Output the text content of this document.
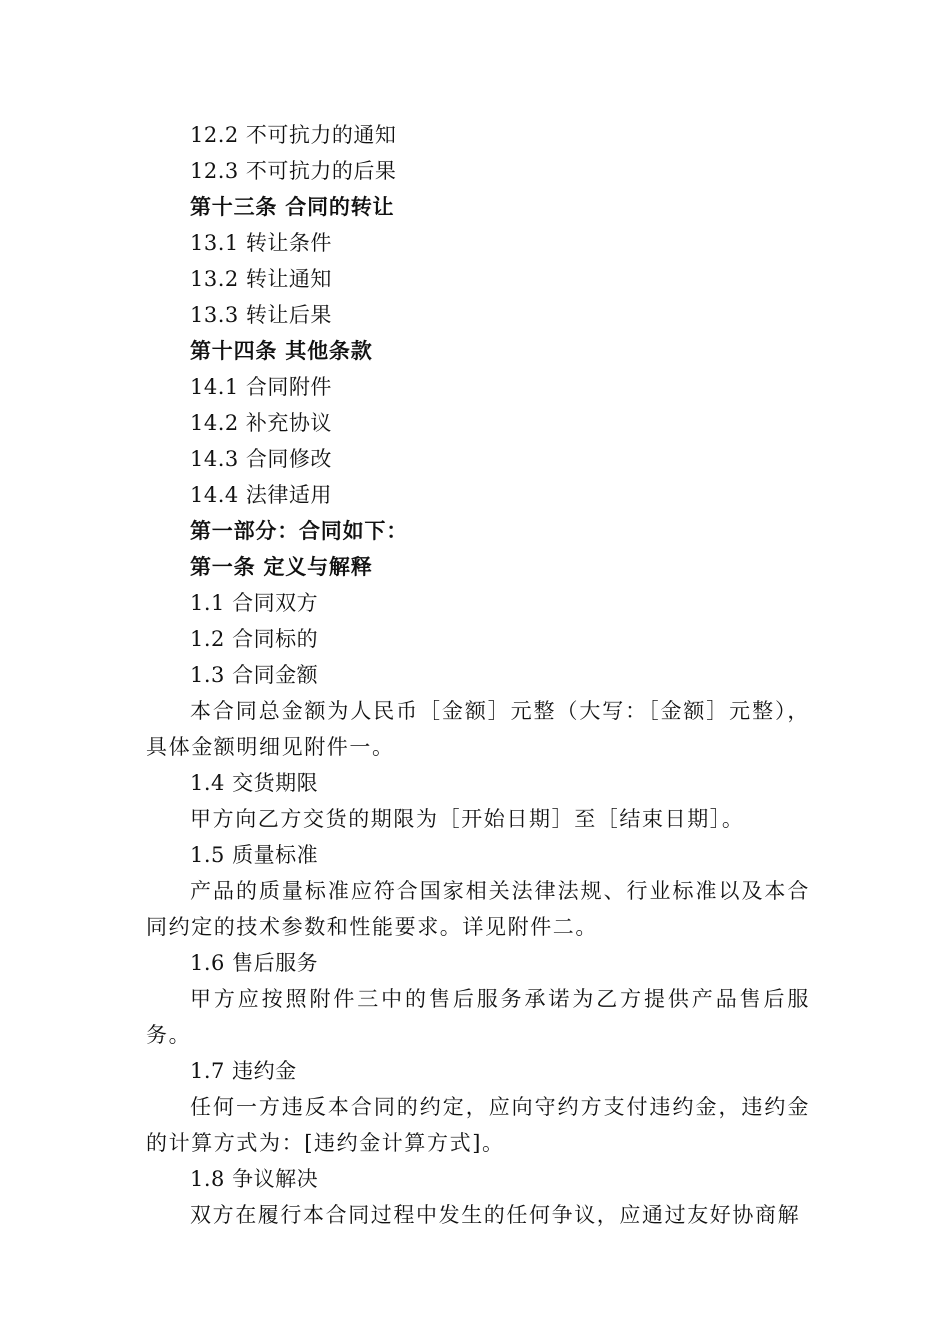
12.2 不可抗力的通知
12.3 不可抗力的后果
第十三条 合同的转让
13.1 转让条件
13.2 转让通知
13.3 转让后果
第十四条 其他条款
14.1 合同附件
14.2 补充协议
14.3 合同修改
14.4 法律适用
第一部分：合同如下：
第一条 定义与解释
1.1 合同双方
1.2 合同标的
1.3 合同金额
本合同总金额为人民币［金额］元整（大写：［金额］元整），具体金额明细见附件一。
1.4 交货期限
甲方向乙方交货的期限为［开始日期］至［结束日期］。
1.5 质量标准
产品的质量标准应符合国家相关法律法规、行业标准以及本合同约定的技术参数和性能要求。详见附件二。
1.6 售后服务
甲方应按照附件三中的售后服务承诺为乙方提供产品售后服务。
1.7 违约金
任何一方违反本合同的约定，应向守约方支付违约金，违约金的计算方式为：[违约金计算方式]。
1.8 争议解决
双方在履行本合同过程中发生的任何争议，应通过友好协商解
